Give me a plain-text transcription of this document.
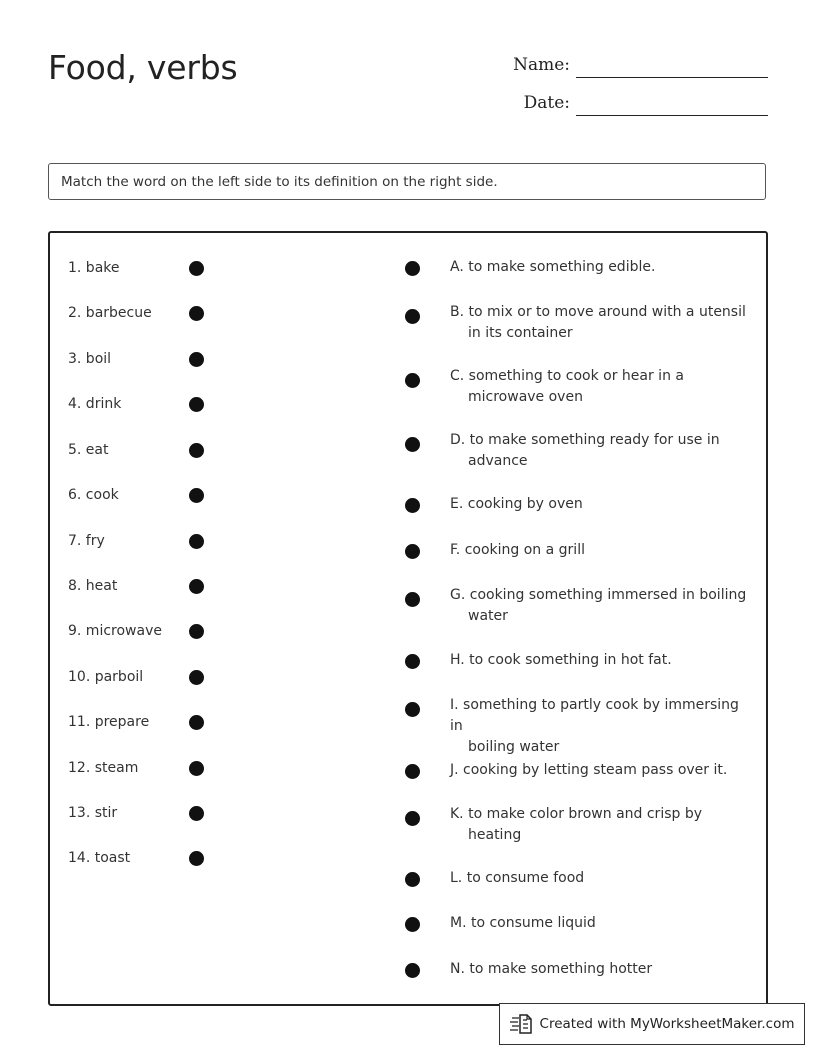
Food, verbs	Name:
Date:
Match the word on the left side to its definition on the right side.
1. bake
2. barbecue
3. boil
4. drink
5. eat
6. cook
7. fry
8. heat
9. microwave
10. parboil
11. prepare
12. steam
13. stir
14. toast
A. to make something edible.
B. to mix or to move around with a utensil
in its container
C. something to cook or hear in a
microwave oven
D. to make something ready for use in
advance
E. cooking by oven
F. cooking on a grill
G. cooking something immersed in boiling
water
H. to cook something in hot fat.
I. something to partly cook by immersing in
boiling water
J. cooking by letting steam pass over it.
K. to make color brown and crisp by
heating
L. to consume food
M. to consume liquid
N. to make something hotter
Created with MyWorksheetMaker.com
